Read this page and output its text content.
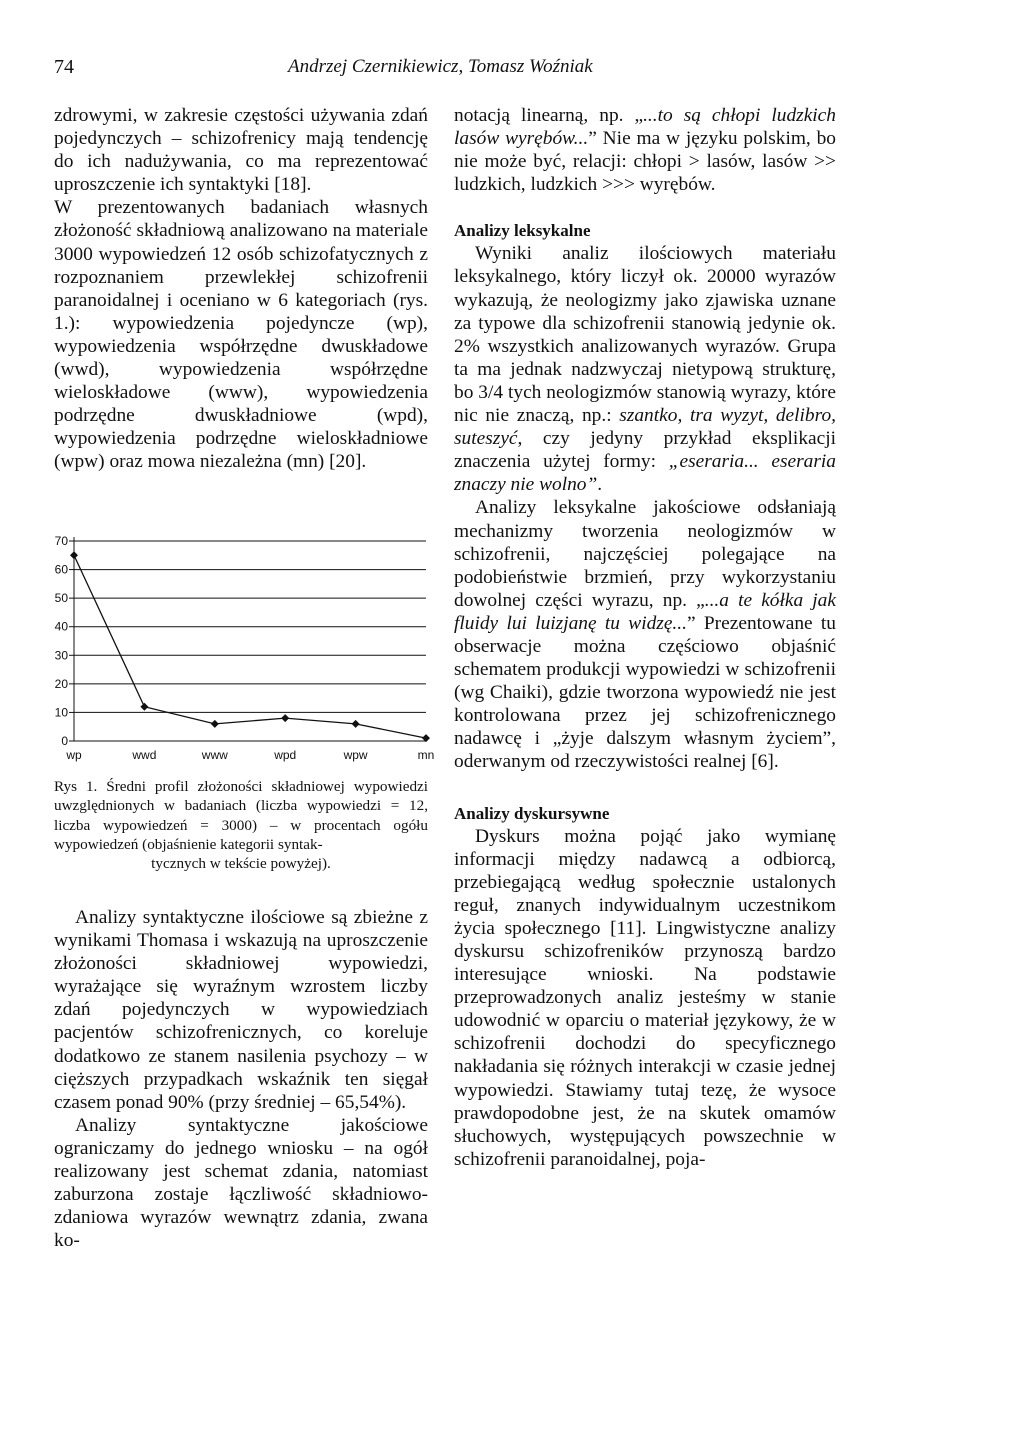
74	Andrzej Czernikiewicz, Tomasz Woźniak

zdrowymi, w zakresie częstości używania zdań pojedynczych – schizofrenicy mają tendencję do ich nadużywania, co ma reprezentować uproszczenie ich syntaktyki [18].

W prezentowanych badaniach własnych złożoność składniową analizowano na materiale 3000 wypowiedzeń 12 osób schizofatycznych z rozpoznaniem przewlekłej schizofrenii paranoidalnej i oceniano w 6 kategoriach (rys. 1.): wypowiedzenia pojedyncze (wp), wypowiedzenia współrzędne dwuskładowe (wwd), wypowiedzenia współrzędne wieloskładowe (www), wypowiedzenia podrzędne dwuskładniowe (wpd), wypowiedzenia podrzędne wieloskładniowe (wpw) oraz mowa niezależna (mn) [20].

0
10
20
30
40
50
60
70
wp	wwd	www	wpd	wpw	mn
Rys 1. Średni profil złożoności składniowej wypowiedzi uwzględnionych w badaniach (liczba wypowiedzi = 12, liczba wypowiedzeń = 3000) – w procentach ogółu wypowiedzeń (objaśnienie kategorii syntak-
tycznych w tekście powyżej).

Analizy syntaktyczne ilościowe są zbieżne z wynikami Thomasa i wskazują na uproszczenie złożoności składniowej wypowiedzi, wyrażające się wyraźnym wzrostem liczby zdań pojedynczych w wypowiedziach pacjentów schizofrenicznych, co koreluje dodatkowo ze stanem nasilenia psychozy – w cięższych przypadkach wskaźnik ten sięgał czasem ponad 90% (przy średniej – 65,54%).

Analizy syntaktyczne jakościowe ograniczamy do jednego wniosku – na ogół realizowany jest schemat zdania, natomiast zaburzona zostaje łączliwość składniowo-zdaniowa wyrazów wewnątrz zdania, zwana ko-

notacją linearną, np. „...to są chłopi ludzkich lasów wyrębów...” Nie ma w języku polskim, bo nie może być, relacji: chłopi > lasów, lasów >> ludzkich, ludzkich >>> wyrębów.

Analizy leksykalne

Wyniki analiz ilościowych materiału leksykalnego, który liczył ok. 20000 wyrazów wykazują, że neologizmy jako zjawiska uznane za typowe dla schizofrenii stanowią jedynie ok. 2% wszystkich analizowanych wyrazów. Grupa ta ma jednak nadzwyczaj nietypową strukturę, bo 3/4 tych neologizmów stanowią wyrazy, które nic nie znaczą, np.: szantko, tra wyzyt, delibro, suteszyć, czy jedyny przykład eksplikacji znaczenia użytej formy: „eseraria... eseraria znaczy nie wolno”.

Analizy leksykalne jakościowe odsłaniają mechanizmy tworzenia neologizmów w schizofrenii, najczęściej polegające na podobieństwie brzmień, przy wykorzystaniu dowolnej części wyrazu, np. „...a te kółka jak fluidy lui luizjanę tu widzę...” Prezentowane tu obserwacje można częściowo objaśnić schematem produkcji wypowiedzi w schizofrenii (wg Chaiki), gdzie tworzona wypowiedź nie jest kontrolowana przez jej schizofrenicznego nadawcę i „żyje dalszym własnym życiem”, oderwanym od rzeczywistości realnej [6].

Analizy dyskursywne

Dyskurs można pojąć jako wymianę informacji między nadawcą a odbiorcą, przebiegającą według społecznie ustalonych reguł, znanych indywidualnym uczestnikom życia społecznego [11]. Lingwistyczne analizy dyskursu schizofreników przynoszą bardzo interesujące wnioski. Na podstawie przeprowadzonych analiz jesteśmy w stanie udowodnić w oparciu o materiał językowy, że w schizofrenii dochodzi do specyficznego nakładania się różnych interakcji w czasie jednej wypowiedzi. Stawiamy tutaj tezę, że wysoce prawdopodobne jest, że na skutek omamów słuchowych, występujących powszechnie w schizofrenii paranoidalnej, poja-
